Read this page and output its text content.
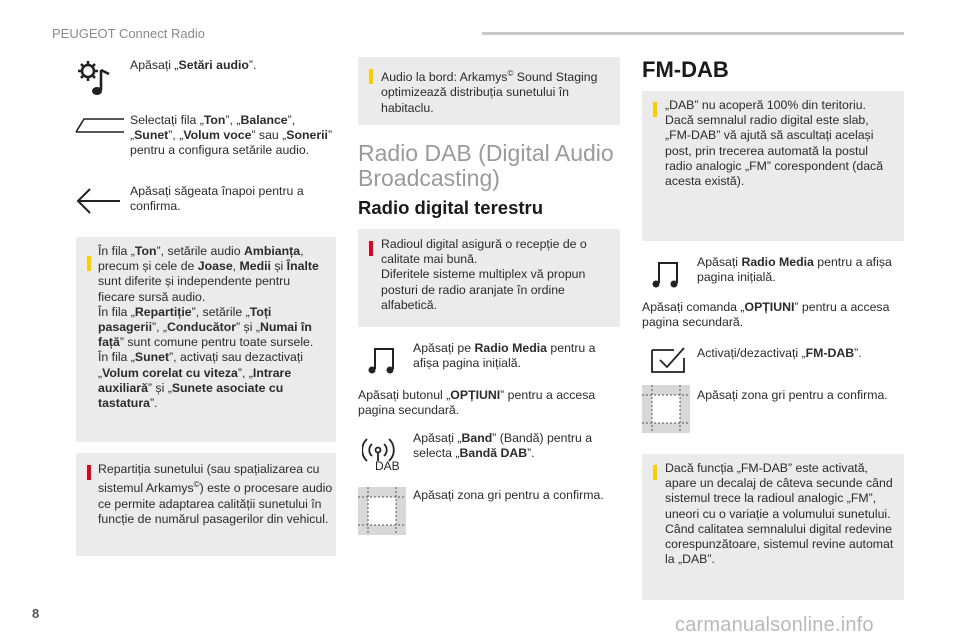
PEUGEOT Connect Radio
Apăsați „Setări audio”.
Selectați fila „Ton”, „Balance”, „Sunet”, „Volum voce” sau „Sonerii” pentru a configura setările audio.
Apăsați săgeata înapoi pentru a confirma.
În fila „Ton”, setările audio Ambianța, precum și cele de Joase, Medii și Înalte sunt diferite și independente pentru fiecare sursă audio.
În fila „Repartiție”, setările „Toți pasagerii”, „Conducător” și „Numai în față” sunt comune pentru toate sursele.
În fila „Sunet”, activați sau dezactivați „Volum corelat cu viteza”, „Intrare auxiliară” și „Sunete asociate cu tastatura”.
Repartiția sunetului (sau spațializarea cu sistemul Arkamys©) este o procesare audio ce permite adaptarea calității sunetului în funcție de numărul pasagerilor din vehicul.
Audio la bord: Arkamys© Sound Staging optimizează distribuția sunetului în habitaclu.
Radio DAB (Digital Audio Broadcasting)
Radio digital terestru
Radioul digital asigură o recepție de o calitate mai bună.
Diferitele sisteme multiplex vă propun posturi de radio aranjate în ordine alfabetică.
Apăsați pe Radio Media pentru a afișa pagina inițială.
Apăsați butonul „OPȚIUNI” pentru a accesa pagina secundară.
DAB
Apăsați „Band” (Bandă) pentru a selecta „Bandă DAB”.
Apăsați zona gri pentru a confirma.
FM-DAB
„DAB” nu acoperă 100% din teritoriu.
Dacă semnalul radio digital este slab, „FM-DAB” vă ajută să ascultați același post, prin trecerea automată la postul radio analogic „FM” corespondent (dacă acesta există).
Apăsați Radio Media pentru a afișa pagina inițială.
Apăsați comanda „OPȚIUNI” pentru a accesa pagina secundară.
Activați/dezactivați „FM-DAB”.
Apăsați zona gri pentru a confirma.
Dacă funcția „FM-DAB” este activată, apare un decalaj de câteva secunde când sistemul trece la radioul analogic „FM”, uneori cu o variație a volumului sunetului.
Când calitatea semnalului digital redevine corespunzătoare, sistemul revine automat la „DAB”.
8
carmanualsonline.info
